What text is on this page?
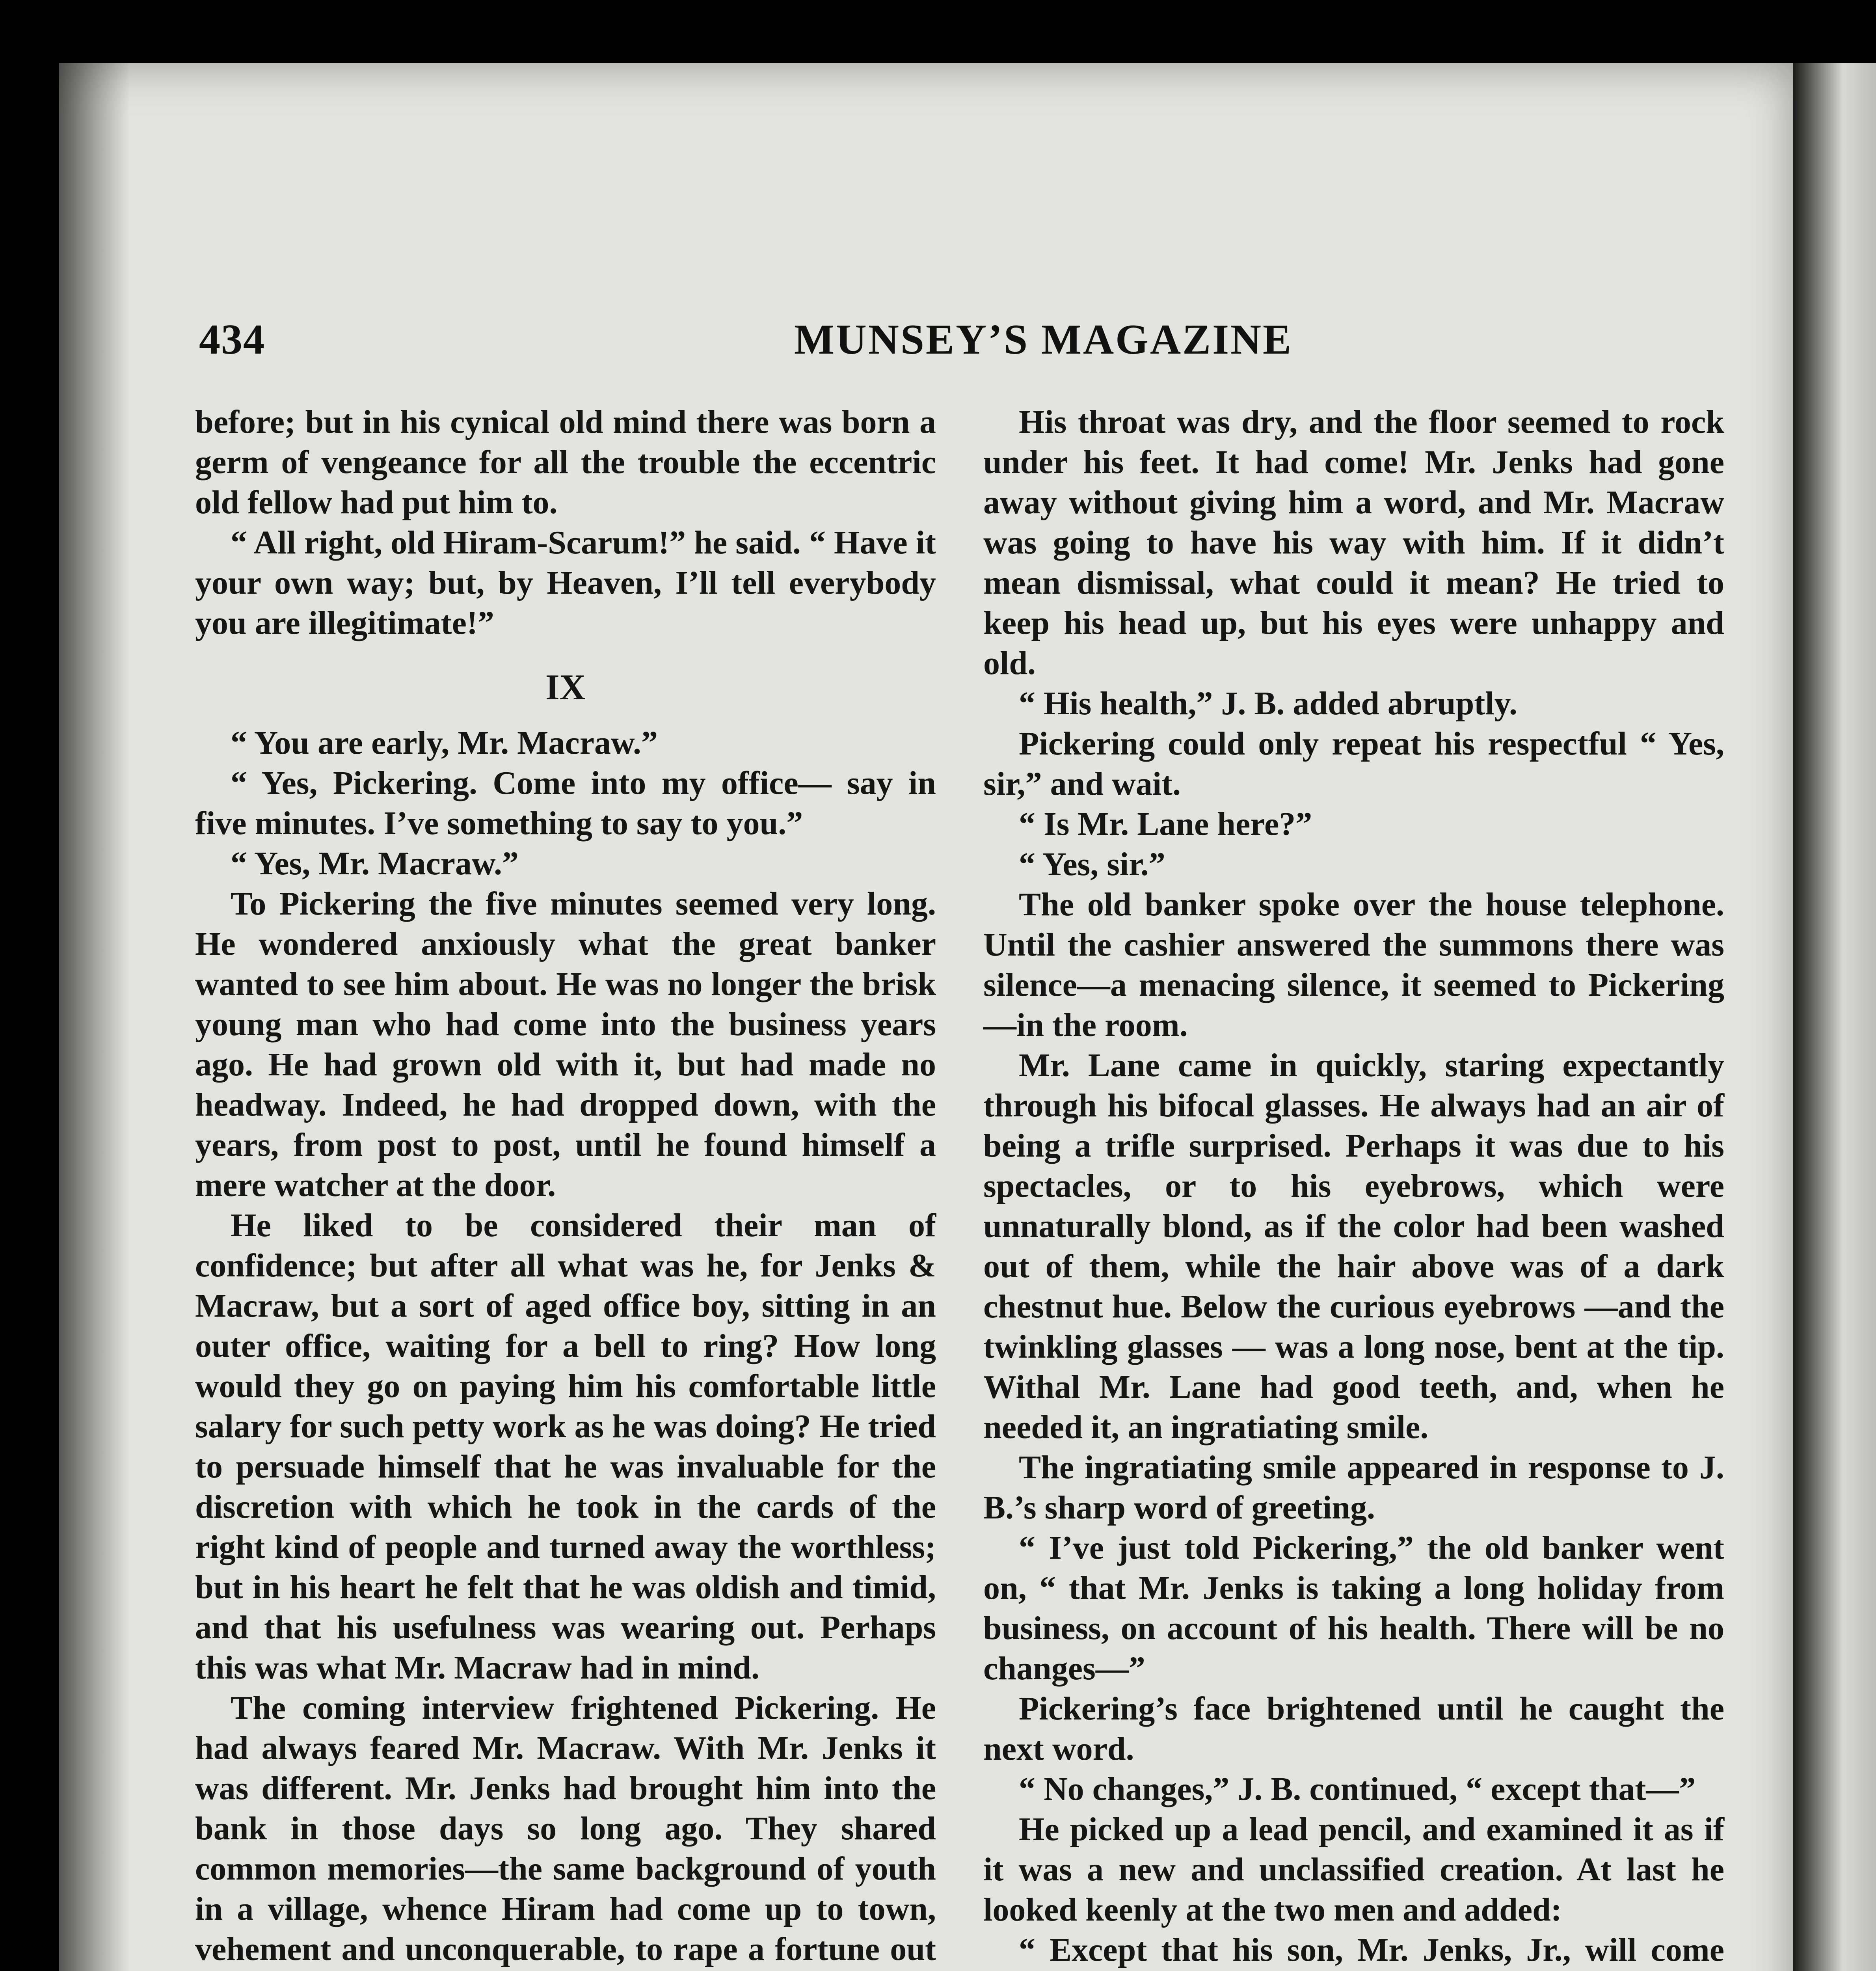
434	MUNSEY’S MAGAZINE

before; but in his cynical old mind there was born a germ of vengeance for all the trouble the eccentric old fellow had put him to.

“ All right, old Hiram-Scarum!” he said. “ Have it your own way; but, by Heaven, I’ll tell everybody you are illegitimate!”

IX

“ You are early, Mr. Macraw.”

“ Yes, Pickering. Come into my office— say in five minutes. I’ve something to say to you.”

“ Yes, Mr. Macraw.”

To Pickering the five minutes seemed very long. He wondered anxiously what the great banker wanted to see him about. He was no longer the brisk young man who had come into the business years ago. He had grown old with it, but had made no headway. Indeed, he had dropped down, with the years, from post to post, until he found himself a mere watcher at the door.

He liked to be considered their man of confidence; but after all what was he, for Jenks & Macraw, but a sort of aged office boy, sitting in an outer office, waiting for a bell to ring? How long would they go on paying him his comfortable little salary for such petty work as he was doing? He tried to persuade himself that he was invaluable for the discretion with which he took in the cards of the right kind of people and turned away the worthless; but in his heart he felt that he was oldish and timid, and that his usefulness was wearing out. Perhaps this was what Mr. Macraw had in mind.

The coming interview frightened Pickering. He had always feared Mr. Macraw. With Mr. Jenks it was different. Mr. Jenks had brought him into the bank in those days so long ago. They shared common memories—the same background of youth in a village, whence Hiram had come up to town, vehement and unconquerable, to rape a fortune out

His throat was dry, and the floor seemed to rock under his feet. It had come! Mr. Jenks had gone away without giving him a word, and Mr. Macraw was going to have his way with him. If it didn’t mean dismissal, what could it mean? He tried to keep his head up, but his eyes were unhappy and old.

“ His health,” J. B. added abruptly.

Pickering could only repeat his respectful “ Yes, sir,” and wait.

“ Is Mr. Lane here?”

“ Yes, sir.”

The old banker spoke over the house telephone. Until the cashier answered the summons there was silence—a menacing silence, it seemed to Pickering—in the room.

Mr. Lane came in quickly, staring expectantly through his bifocal glasses. He always had an air of being a trifle surprised. Perhaps it was due to his spectacles, or to his eyebrows, which were unnaturally blond, as if the color had been washed out of them, while the hair above was of a dark chestnut hue. Below the curious eyebrows —and the twinkling glasses — was a long nose, bent at the tip. Withal Mr. Lane had good teeth, and, when he needed it, an ingratiating smile.

The ingratiating smile appeared in response to J. B.’s sharp word of greeting.

“ I’ve just told Pickering,” the old banker went on, “ that Mr. Jenks is taking a long holiday from business, on account of his health. There will be no changes—”

Pickering’s face brightened until he caught the next word.

“ No changes,” J. B. continued, “ except that—”

He picked up a lead pencil, and examined it as if it was a new and unclassified creation. At last he looked keenly at the two men and added:

“ Except that his son, Mr. Jenks, Jr., will come
